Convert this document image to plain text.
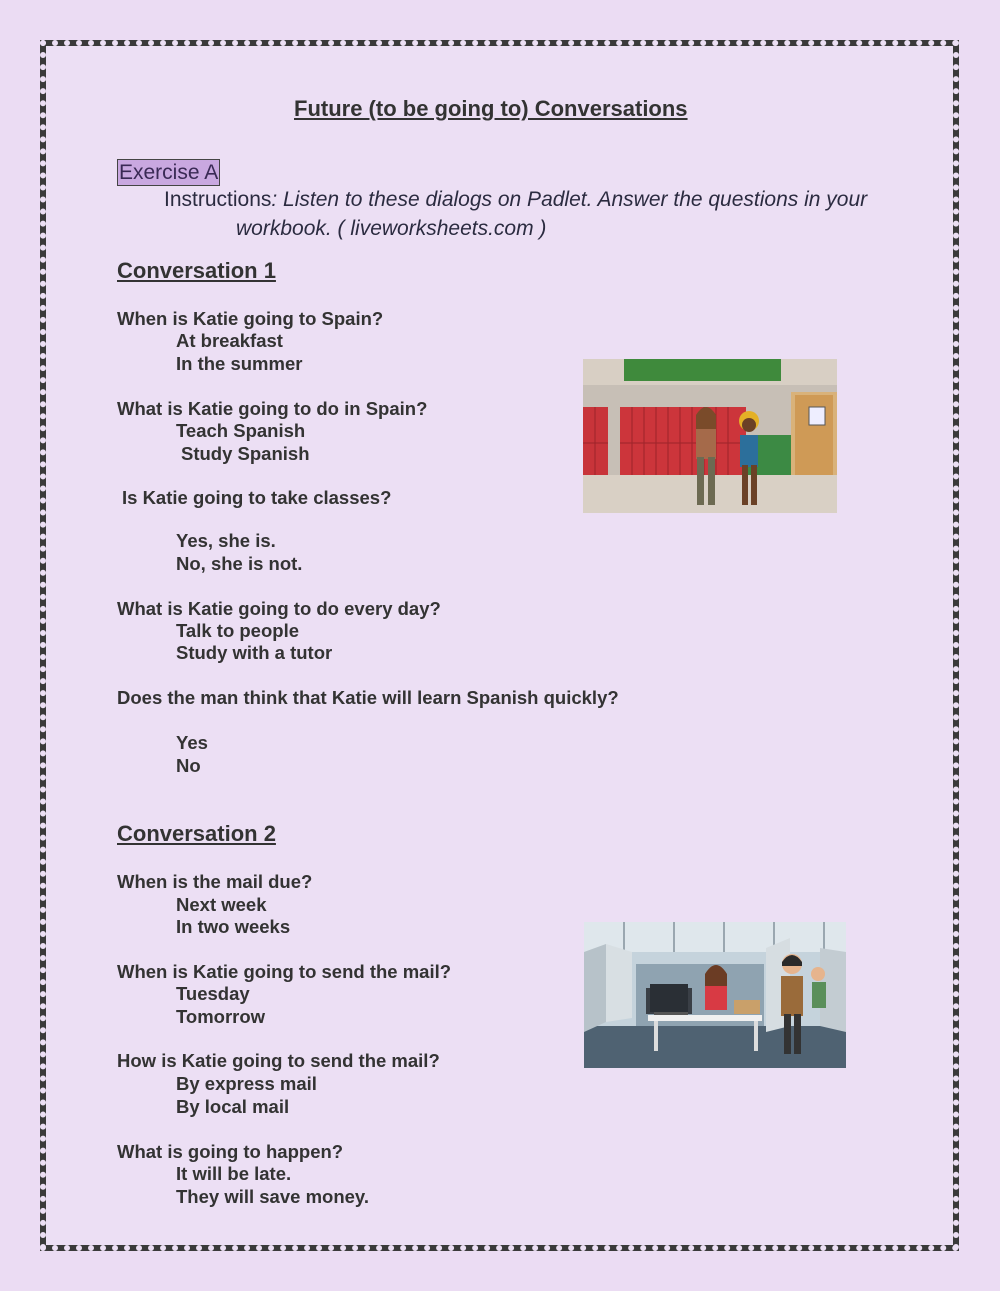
Future (to be going to) Conversations
Exercise A
Instructions: Listen to these dialogs on Padlet. Answer the questions in your
workbook. ( liveworksheets.com )
Conversation 1
When is Katie going to Spain?
At breakfast
In the summer
What is Katie going to do in Spain?
Teach Spanish
Study Spanish
Is Katie going to take classes?
Yes, she is.
No, she is not.
What is Katie going to do every day?
Talk to people
Study with a tutor
Does the man think that Katie will learn Spanish quickly?
Yes
No
Conversation 2
When is the mail due?
Next week
In two weeks
When is Katie going to send the mail?
Tuesday
Tomorrow
How is Katie going to send the mail?
By express mail
By local mail
What is going to happen?
It will be late.
They will save money.
